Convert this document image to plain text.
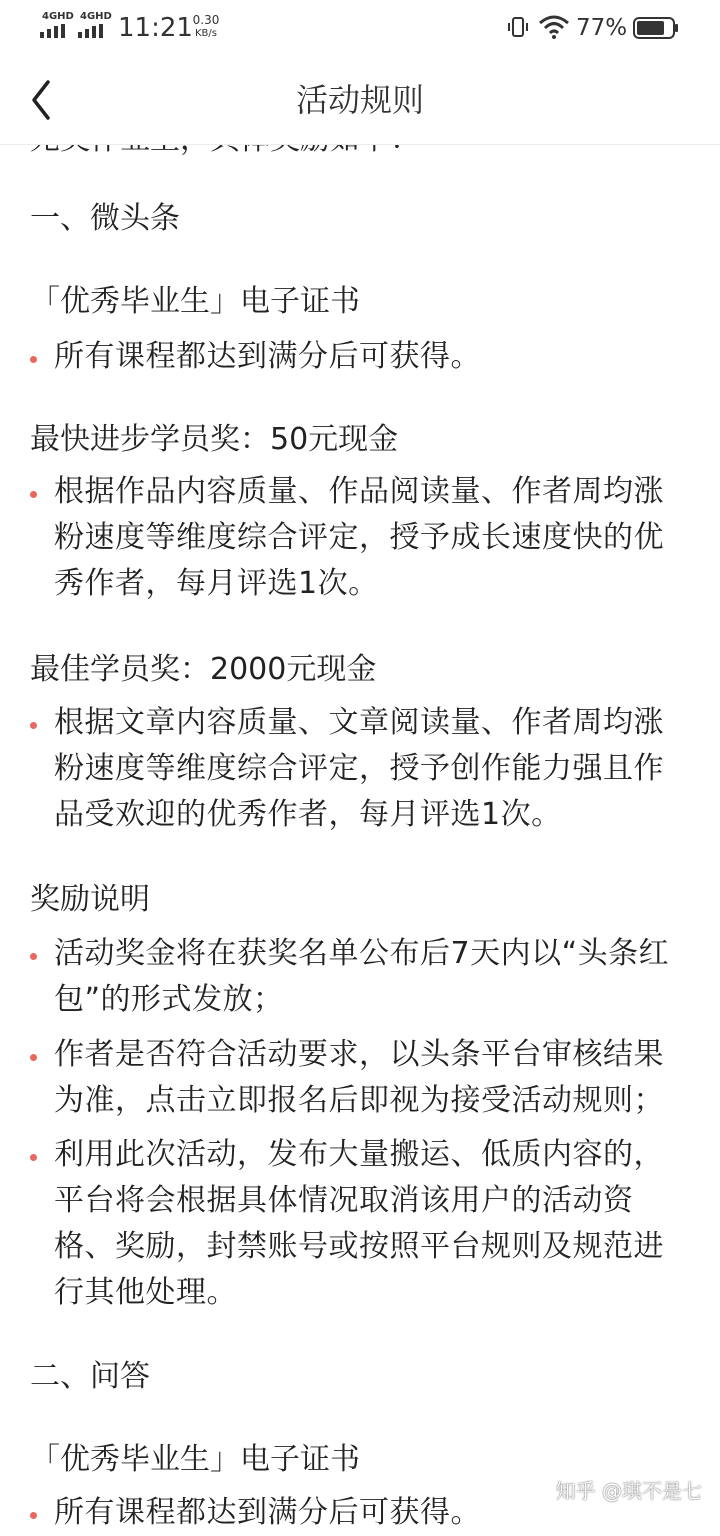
4GHD 4GHD 11:21 0.30
KB/s	77%
活动规则
一、微头条
「优秀毕业生」电子证书
所有课程都达到满分后可获得。
最快进步学员奖：50元现金
根据作品内容质量、作品阅读量、作者周均涨粉速度等维度综合评定，授予成长速度快的优秀作者，每月评选1次。
最佳学员奖：2000元现金
根据文章内容质量、文章阅读量、作者周均涨粉速度等维度综合评定，授予创作能力强且作品受欢迎的优秀作者，每月评选1次。
奖励说明
活动奖金将在获奖名单公布后7天内以“头条红包”的形式发放；
作者是否符合活动要求，以头条平台审核结果为准，点击立即报名后即视为接受活动规则；
利用此次活动，发布大量搬运、低质内容的，平台将会根据具体情况取消该用户的活动资格、奖励，封禁账号或按照平台规则及规范进行其他处理。
二、问答
「优秀毕业生」电子证书
所有课程都达到满分后可获得。
知乎 @琪不是七
